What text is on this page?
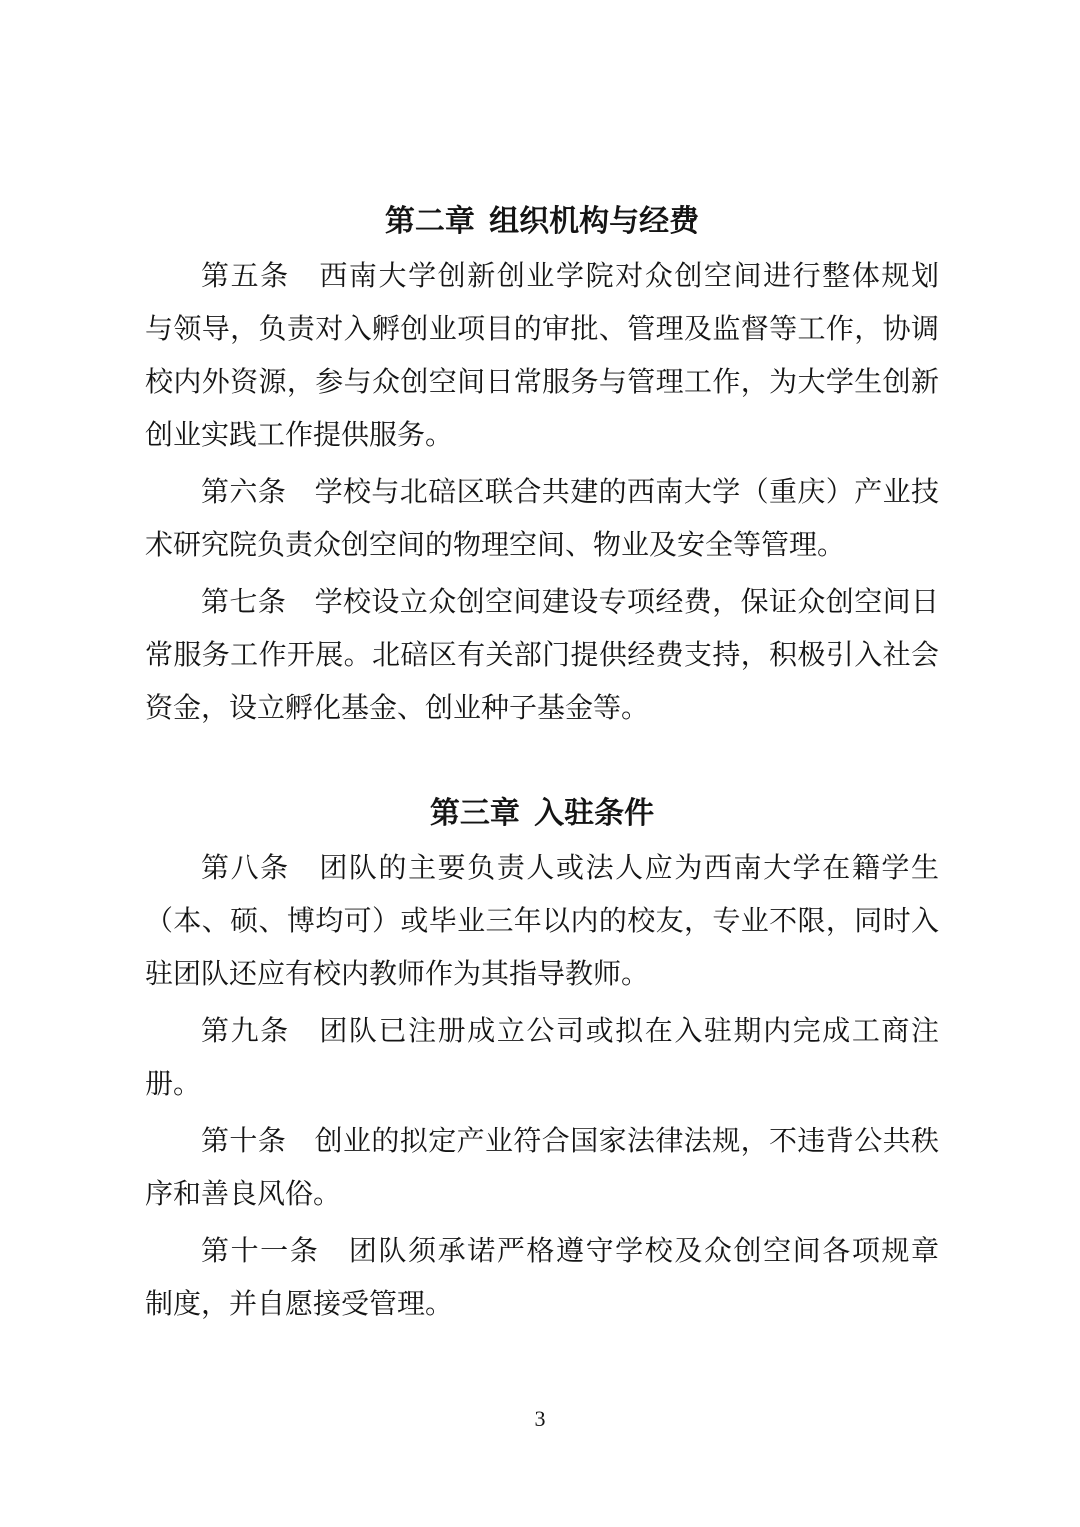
第二章 组织机构与经费
第五条　西南大学创新创业学院对众创空间进行整体规划
与领导，负责对入孵创业项目的审批、管理及监督等工作，协调
校内外资源，参与众创空间日常服务与管理工作，为大学生创新
创业实践工作提供服务。
第六条　学校与北碚区联合共建的西南大学（重庆）产业技
术研究院负责众创空间的物理空间、物业及安全等管理。
第七条　学校设立众创空间建设专项经费，保证众创空间日
常服务工作开展。北碚区有关部门提供经费支持，积极引入社会
资金，设立孵化基金、创业种子基金等。
第三章 入驻条件
第八条　团队的主要负责人或法人应为西南大学在籍学生
（本、硕、博均可）或毕业三年以内的校友，专业不限，同时入
驻团队还应有校内教师作为其指导教师。
第九条　团队已注册成立公司或拟在入驻期内完成工商注
册。
第十条　创业的拟定产业符合国家法律法规，不违背公共秩
序和善良风俗。
第十一条　团队须承诺严格遵守学校及众创空间各项规章
制度，并自愿接受管理。
3
